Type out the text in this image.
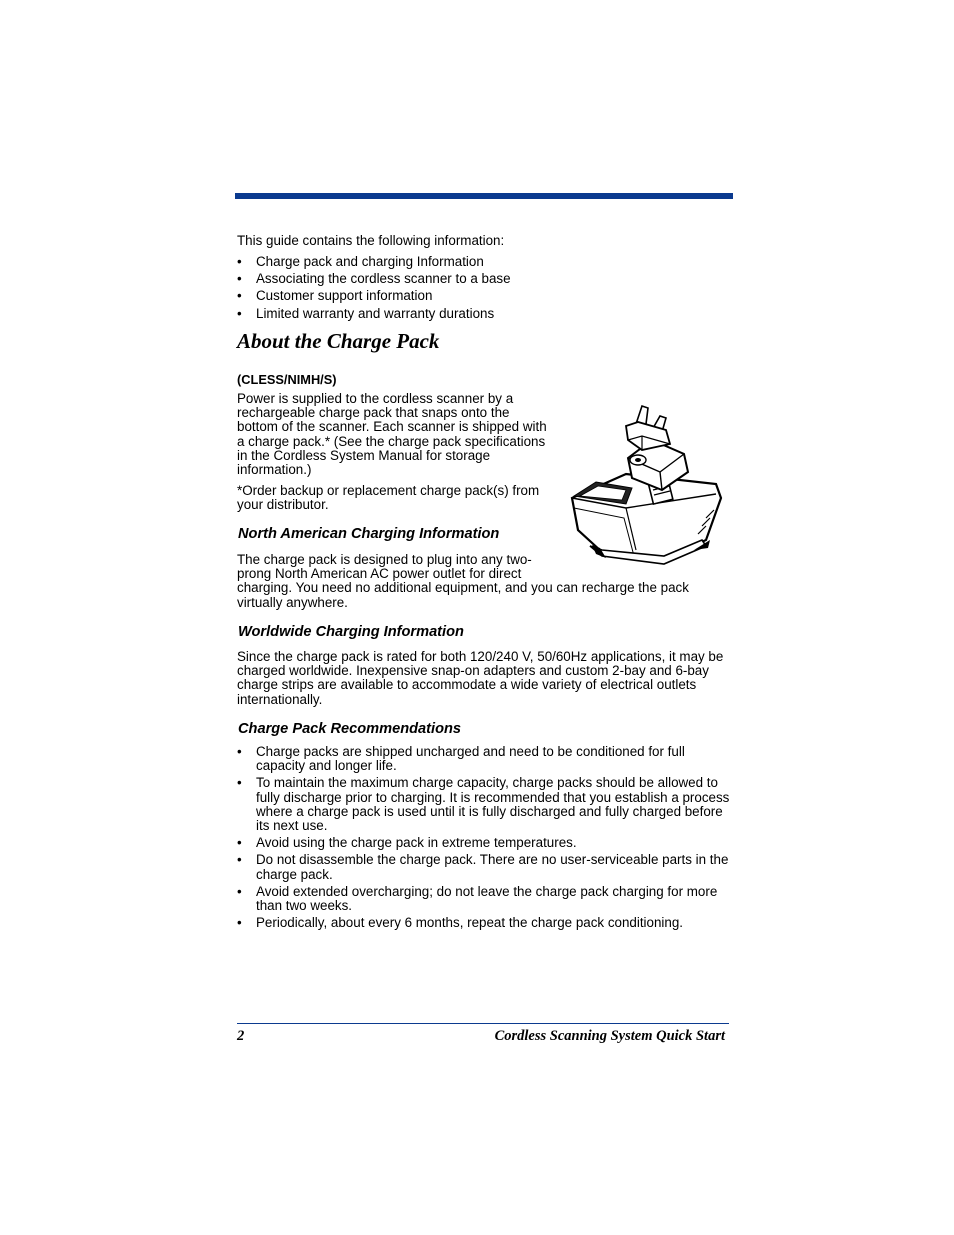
This guide contains the following information:
• Charge pack and charging Information
• Associating the cordless scanner to a base
• Customer support information
• Limited warranty and warranty durations
About the Charge Pack
(CLESS/NIMH/S)

Power is supplied to the cordless scanner by a rechargeable charge pack that snaps onto the bottom of the scanner. Each scanner is shipped with a charge pack.* (See the charge pack specifications in the Cordless System Manual for storage information.)

*Order backup or replacement charge pack(s) from your distributor.

North American Charging Information

The charge pack is designed to plug into any two-
prong North American AC power outlet for direct
charging. You need no additional equipment, and you can recharge the pack virtually anywhere.

Worldwide Charging Information

Since the charge pack is rated for both 120/240 V, 50/60Hz applications, it may be charged worldwide. Inexpensive snap-on adapters and custom 2-bay and 6-bay charge strips are available to accommodate a wide variety of electrical outlets internationally.

Charge Pack Recommendations
• Charge packs are shipped uncharged and need to be conditioned for full capacity and longer life.
• To maintain the maximum charge capacity, charge packs should be allowed to fully discharge prior to charging. It is recommended that you establish a process where a charge pack is used until it is fully discharged and fully charged before its next use.
• Avoid using the charge pack in extreme temperatures.
• Do not disassemble the charge pack. There are no user-serviceable parts in the charge pack.
• Avoid extended overcharging; do not leave the charge pack charging for more than two weeks.
• Periodically, about every 6 months, repeat the charge pack conditioning.
2	Cordless Scanning System Quick Start
